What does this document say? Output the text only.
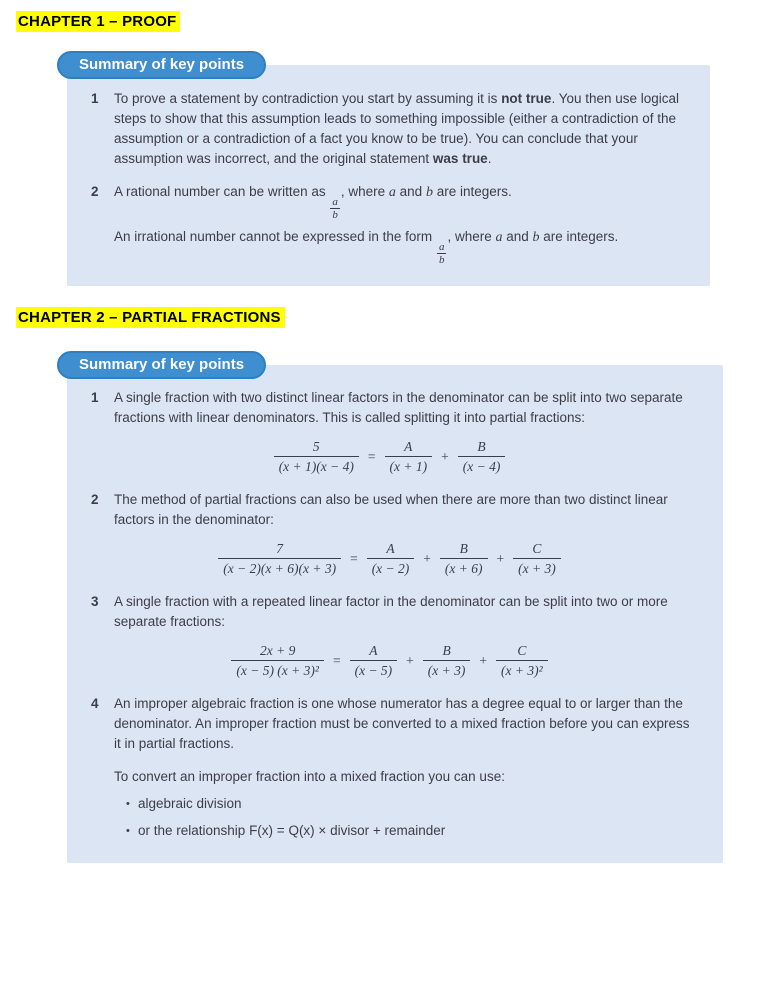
CHAPTER 1 – PROOF
Summary of key points
1	To prove a statement by contradiction you start by assuming it is not true. You then use logical steps to show that this assumption leads to something impossible (either a contradiction of the assumption or a contradiction of a fact you know to be true). You can conclude that your assumption was incorrect, and the original statement was true.
2	A rational number can be written as
$\frac{a}{b}$
, where a and b are integers.
An irrational number cannot be expressed in the form
$\frac{a}{b}$
, where a and b are integers.
CHAPTER 2 – PARTIAL FRACTIONS
Summary of key points
1	A single fraction with two distinct linear factors in the denominator can be split into two separate fractions with linear denominators. This is called splitting it into partial fractions:
$\frac{5}{(x + 1)(x - 4)} = \frac{A}{(x + 1)} + \frac{B}{(x - 4)}$
2	The method of partial fractions can also be used when there are more than two distinct linear factors in the denominator:
$\frac{7}{(x - 2)(x + 6)(x + 3)} = \frac{A}{(x - 2)} + \frac{B}{(x + 6)} + \frac{C}{(x + 3)}$
3	A single fraction with a repeated linear factor in the denominator can be split into two or more separate fractions:
$\frac{2x + 9}{\text{(x − 5) (x + 3)²}} = \frac{A}{(x - 5)} + \frac{B}{(x + 3)} + \frac{C}{\text{(x + 3)²}}$
4	An improper algebraic fraction is one whose numerator has a degree equal to or larger than the denominator. An improper fraction must be converted to a mixed fraction before you can express it in partial fractions.
To convert an improper fraction into a mixed fraction you can use:
• algebraic division
• or the relationship F(x) = Q(x) × divisor + remainder
